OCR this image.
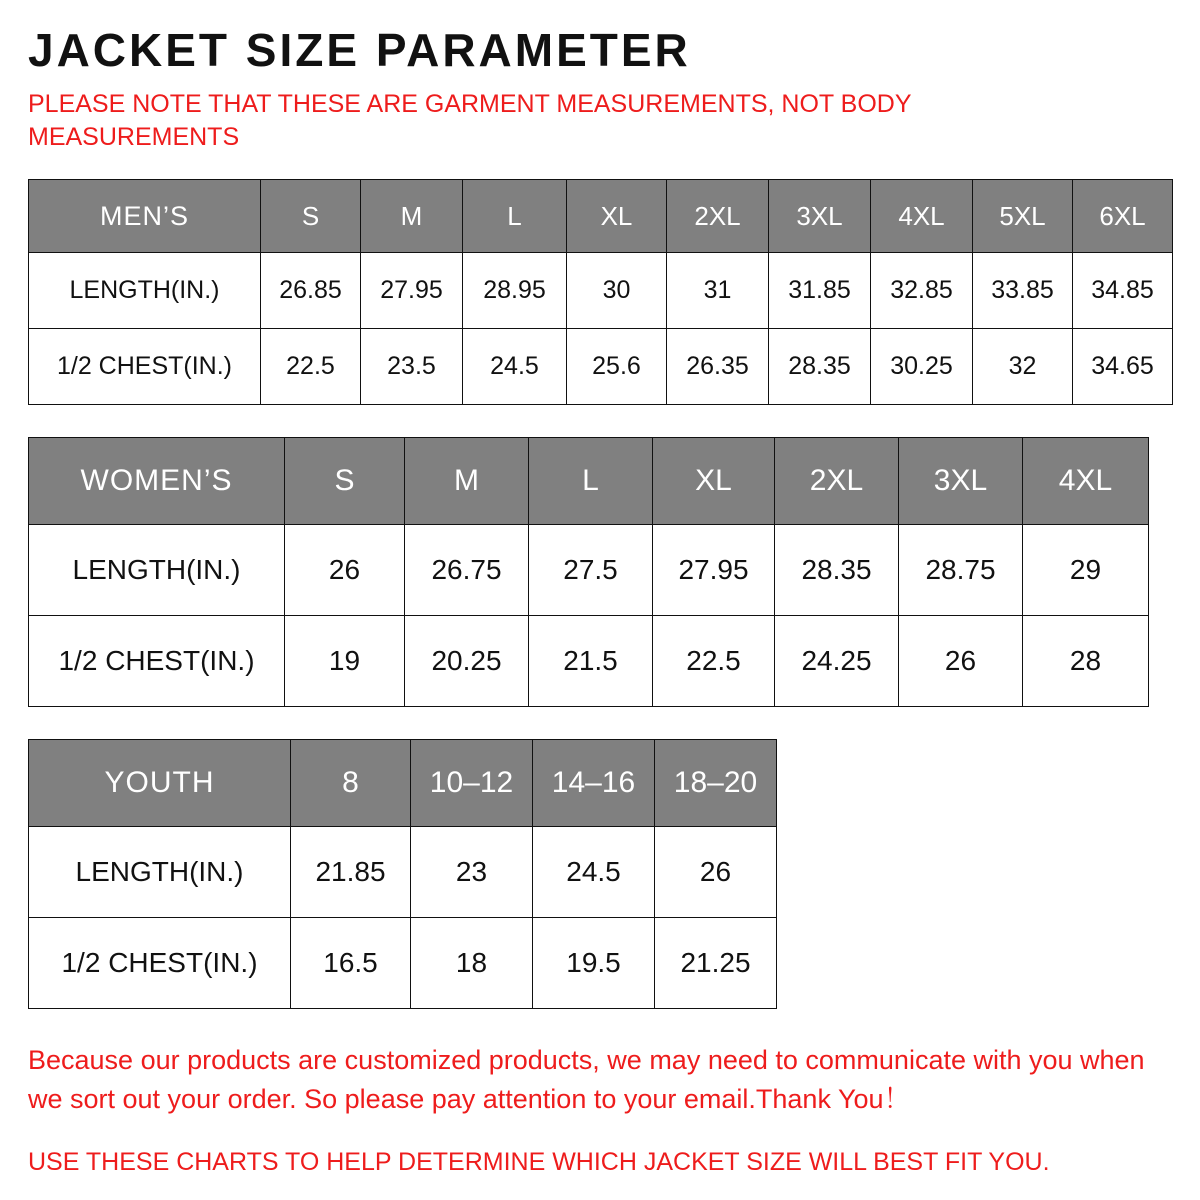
JACKET SIZE PARAMETER

PLEASE NOTE THAT THESE ARE GARMENT MEASUREMENTS, NOT BODY MEASUREMENTS

MEN’S	S	M	L	XL	2XL	3XL	4XL	5XL	6XL
LENGTH(IN.)	26.85	27.95	28.95	30	31	31.85	32.85	33.85	34.85
1/2 CHEST(IN.)	22.5	23.5	24.5	25.6	26.35	28.35	30.25	32	34.65
WOMEN’S	S	M	L	XL	2XL	3XL	4XL
LENGTH(IN.)	26	26.75	27.5	27.95	28.35	28.75	29
1/2 CHEST(IN.)	19	20.25	21.5	22.5	24.25	26	28
YOUTH	8	10–12	14–16	18–20
LENGTH(IN.)	21.85	23	24.5	26
1/2 CHEST(IN.)	16.5	18	19.5	21.25

Because our products are customized products, we may need to communicate with you when we sort out your order. So please pay attention to your email.Thank You！

USE THESE CHARTS TO HELP DETERMINE WHICH JACKET SIZE WILL BEST FIT YOU.
